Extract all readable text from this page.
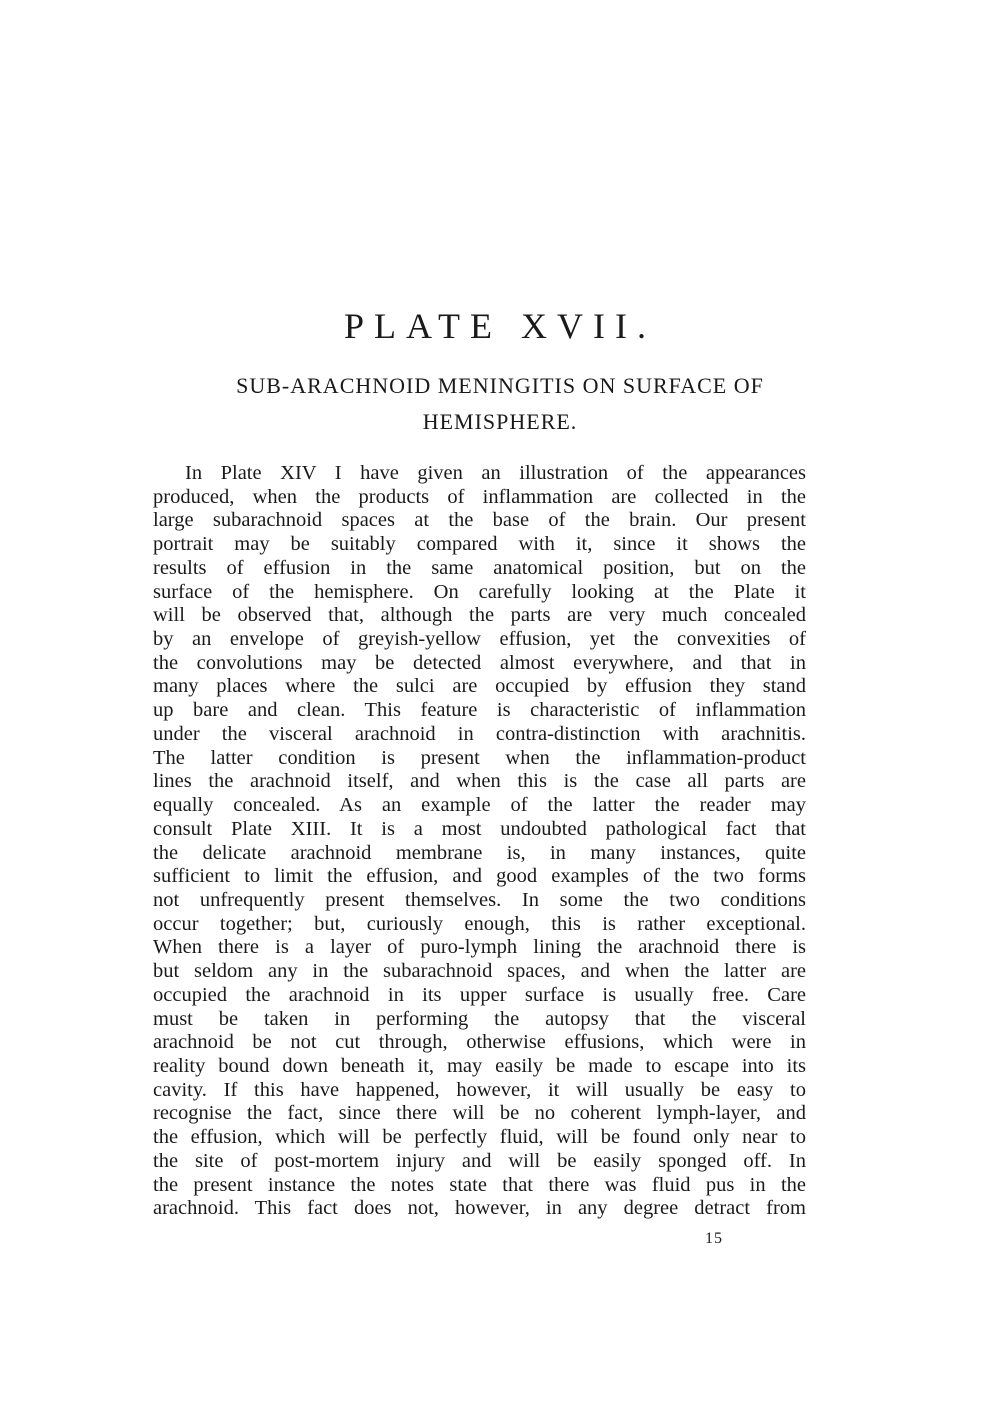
PLATE XVII.
SUB-ARACHNOID MENINGITIS ON SURFACE OF
HEMISPHERE.
In Plate XIV I have given an illustration of the appearances
produced, when the products of inflammation are collected in the
large subarachnoid spaces at the base of the brain. Our present
portrait may be suitably compared with it, since it shows the
results of effusion in the same anatomical position, but on the
surface of the hemisphere. On carefully looking at the Plate it
will be observed that, although the parts are very much concealed
by an envelope of greyish-yellow effusion, yet the convexities of
the convolutions may be detected almost everywhere, and that in
many places where the sulci are occupied by effusion they stand
up bare and clean. This feature is characteristic of inflammation
under the visceral arachnoid in contra-distinction with arachnitis.
The latter condition is present when the inflammation-product
lines the arachnoid itself, and when this is the case all parts are
equally concealed. As an example of the latter the reader may
consult Plate XIII. It is a most undoubted pathological fact that
the delicate arachnoid membrane is, in many instances, quite
sufficient to limit the effusion, and good examples of the two forms
not unfrequently present themselves. In some the two conditions
occur together; but, curiously enough, this is rather exceptional.
When there is a layer of puro-lymph lining the arachnoid there is
but seldom any in the subarachnoid spaces, and when the latter are
occupied the arachnoid in its upper surface is usually free. Care
must be taken in performing the autopsy that the visceral
arachnoid be not cut through, otherwise effusions, which were in
reality bound down beneath it, may easily be made to escape into its
cavity. If this have happened, however, it will usually be easy to
recognise the fact, since there will be no coherent lymph-layer, and
the effusion, which will be perfectly fluid, will be found only near to
the site of post-mortem injury and will be easily sponged off. In
the present instance the notes state that there was fluid pus in the
arachnoid. This fact does not, however, in any degree detract from
15
